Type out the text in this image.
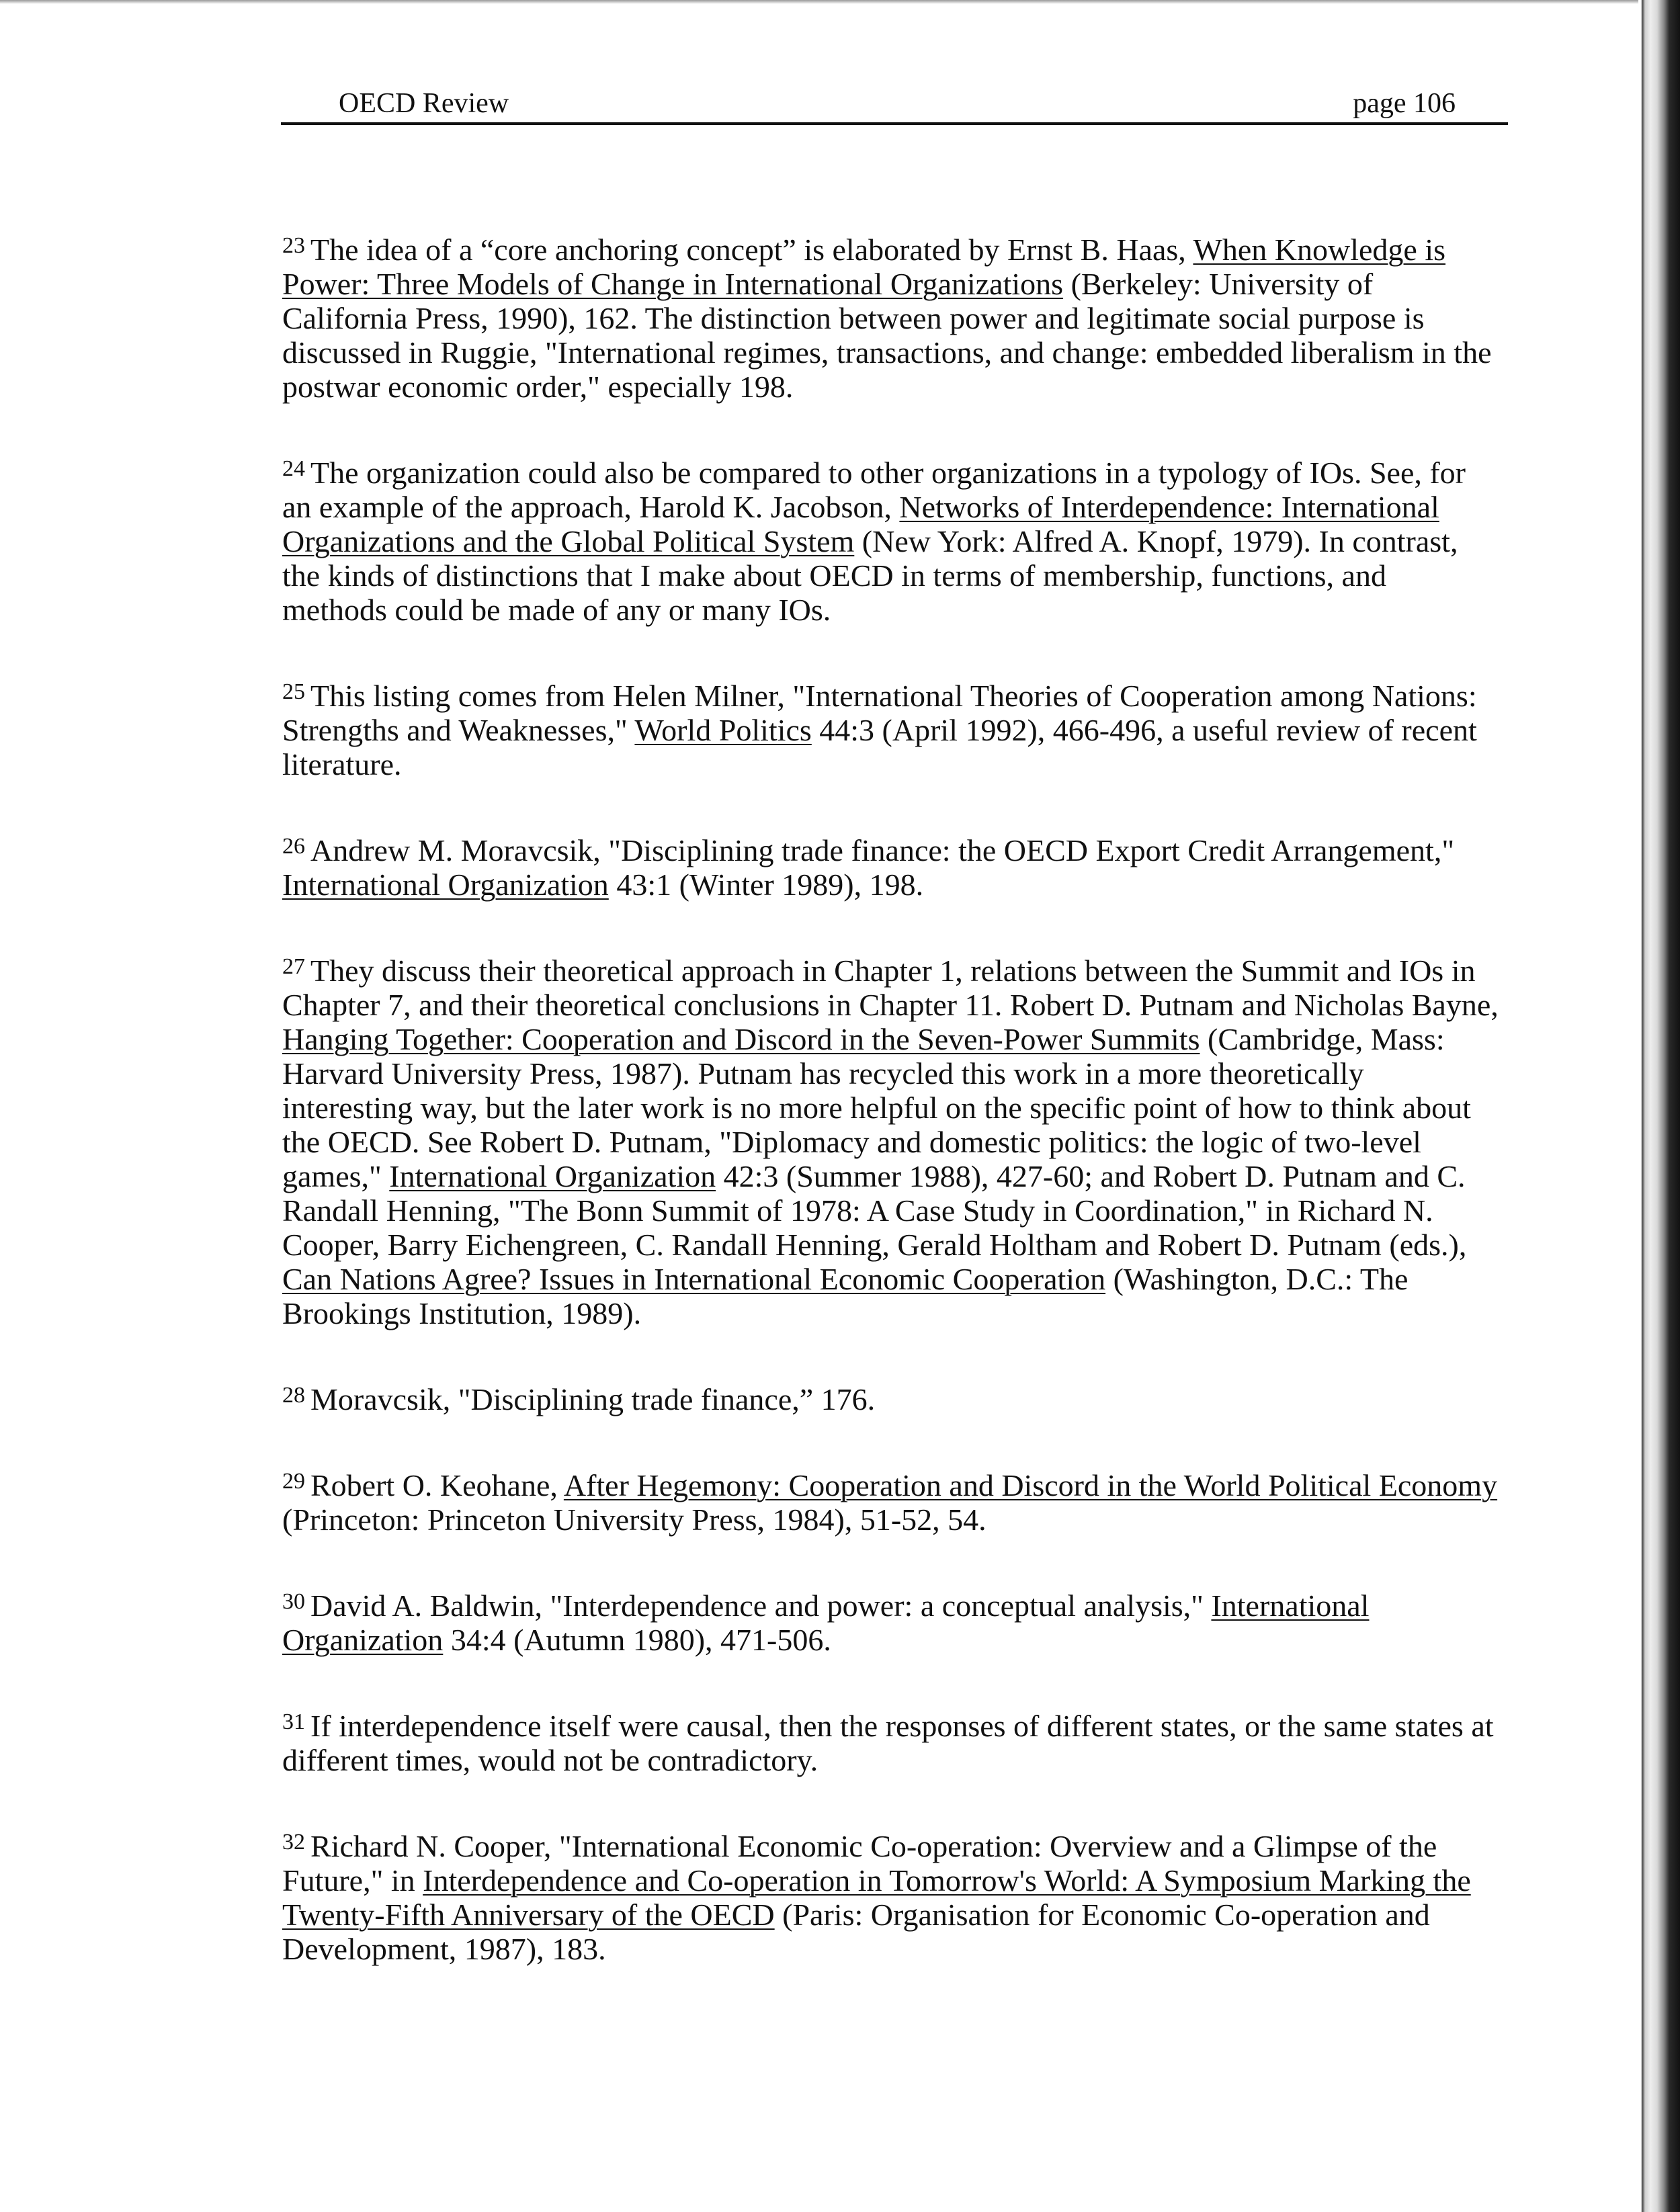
OECD Review	page 106

$^{23}$ The idea of a “core anchoring concept” is elaborated by Ernst B. Haas, When Knowledge is Power: Three Models of Change in International Organizations (Berkeley: University of California Press, 1990), 162. The distinction between power and legitimate social purpose is discussed in Ruggie, "International regimes, transactions, and change: embedded liberalism in the postwar economic order," especially 198.

$^{24}$ The organization could also be compared to other organizations in a typology of IOs. See, for an example of the approach, Harold K. Jacobson, Networks of Interdependence: International Organizations and the Global Political System (New York: Alfred A. Knopf, 1979). In contrast, the kinds of distinctions that I make about OECD in terms of membership, functions, and methods could be made of any or many IOs.

$^{25}$ This listing comes from Helen Milner, "International Theories of Cooperation among Nations: Strengths and Weaknesses," World Politics 44:3 (April 1992), 466-496, a useful review of recent literature.

$^{26}$ Andrew M. Moravcsik, "Disciplining trade finance: the OECD Export Credit Arrangement," International Organization 43:1 (Winter 1989), 198.

$^{27}$ They discuss their theoretical approach in Chapter 1, relations between the Summit and IOs in Chapter 7, and their theoretical conclusions in Chapter 11. Robert D. Putnam and Nicholas Bayne, Hanging Together: Cooperation and Discord in the Seven-Power Summits (Cambridge, Mass: Harvard University Press, 1987). Putnam has recycled this work in a more theoretically interesting way, but the later work is no more helpful on the specific point of how to think about the OECD. See Robert D. Putnam, "Diplomacy and domestic politics: the logic of two-level games," International Organization 42:3 (Summer 1988), 427-60; and Robert D. Putnam and C. Randall Henning, "The Bonn Summit of 1978: A Case Study in Coordination," in Richard N. Cooper, Barry Eichengreen, C. Randall Henning, Gerald Holtham and Robert D. Putnam (eds.), Can Nations Agree? Issues in International Economic Cooperation (Washington, D.C.: The Brookings Institution, 1989).

$^{28}$ Moravcsik, "Disciplining trade finance,” 176.

$^{29}$ Robert O. Keohane, After Hegemony: Cooperation and Discord in the World Political Economy (Princeton: Princeton University Press, 1984), 51-52, 54.

$^{30}$ David A. Baldwin, "Interdependence and power: a conceptual analysis," International Organization 34:4 (Autumn 1980), 471-506.

$^{31}$ If interdependence itself were causal, then the responses of different states, or the same states at different times, would not be contradictory.

$^{32}$ Richard N. Cooper, "International Economic Co-operation: Overview and a Glimpse of the Future," in Interdependence and Co-operation in Tomorrow's World: A Symposium Marking the Twenty-Fifth Anniversary of the OECD (Paris: Organisation for Economic Co-operation and Development, 1987), 183.
